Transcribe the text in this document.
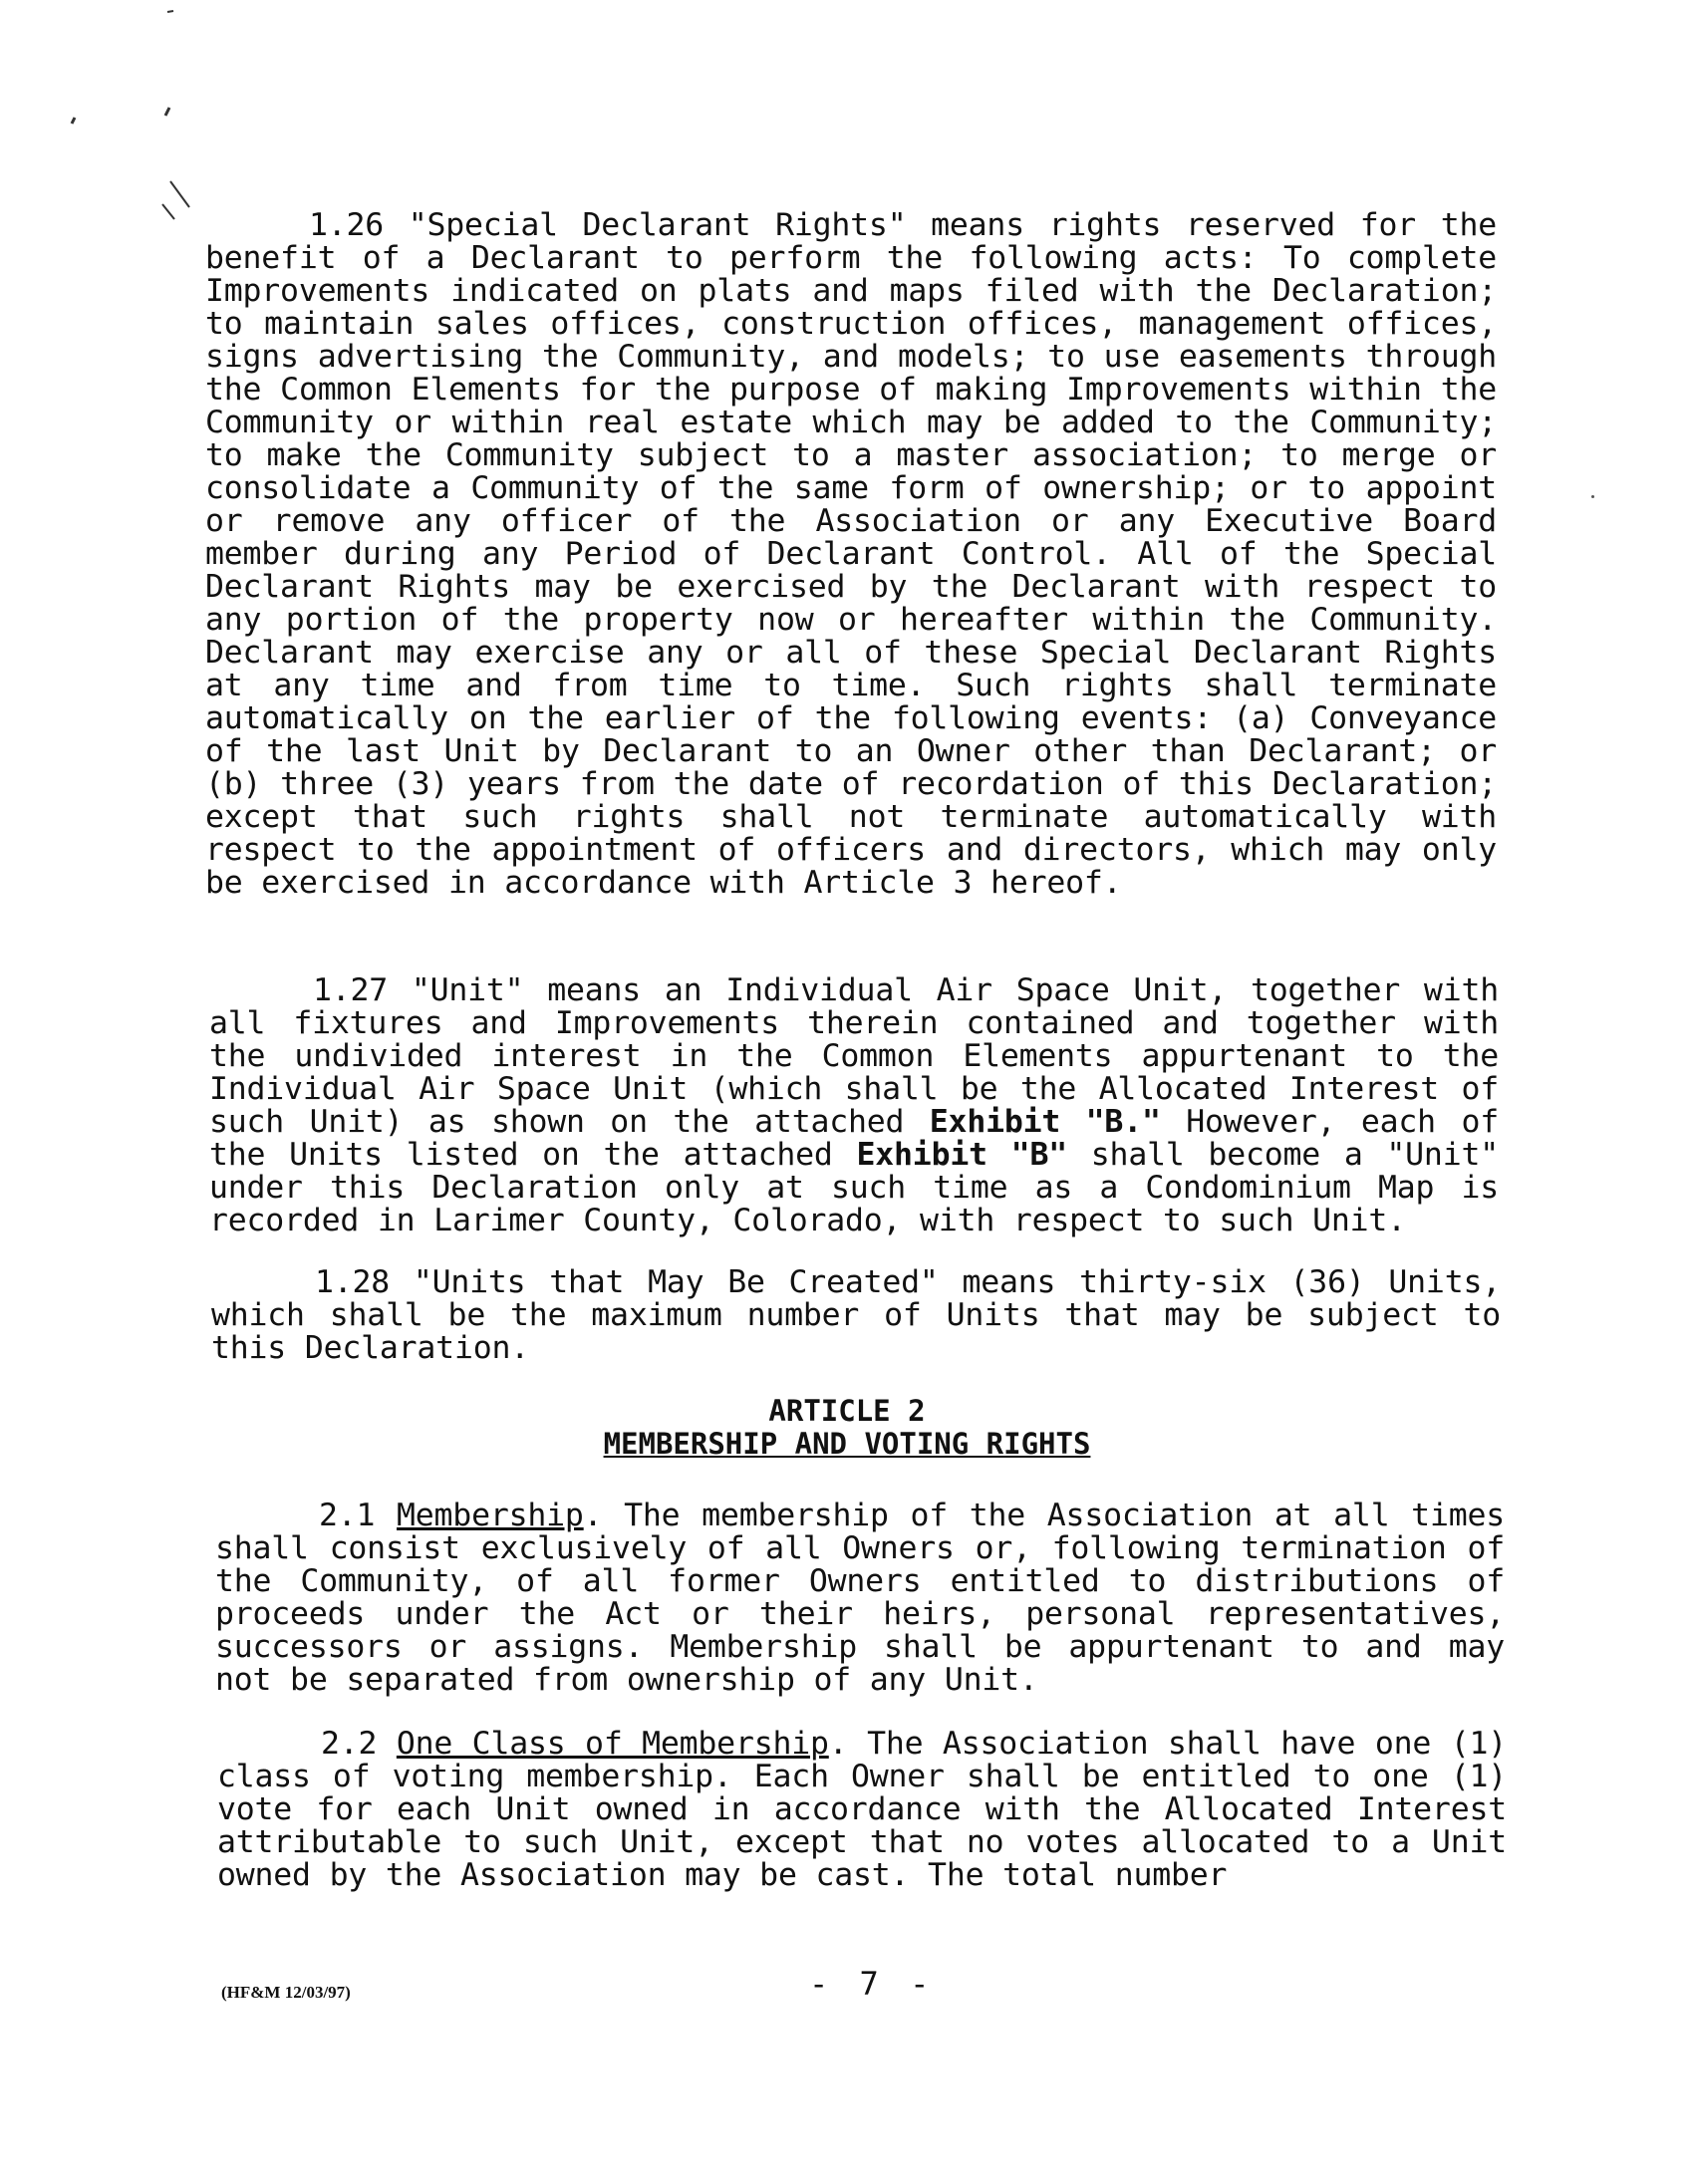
1.26 "Special Declarant Rights" means rights reserved for the benefit of a Declarant to perform the following acts: To complete Improvements indicated on plats and maps filed with the Declaration; to maintain sales offices, construction offices, management offices, signs advertising the Community, and models; to use easements through the Common Elements for the purpose of making Improvements within the Community or within real estate which may be added to the Community; to make the Community subject to a master association; to merge or consolidate a Community of the same form of ownership; or to appoint or remove any officer of the Association or any Executive Board member during any Period of Declarant Control. All of the Special Declarant Rights may be exercised by the Declarant with respect to any portion of the property now or hereafter within the Community. Declarant may exercise any or all of these Special Declarant Rights at any time and from time to time. Such rights shall terminate automatically on the earlier of the following events: (a) Conveyance of the last Unit by Declarant to an Owner other than Declarant; or (b) three (3) years from the date of recordation of this Declaration; except that such rights shall not terminate automatically with respect to the appointment of officers and directors, which may only be exercised in accordance with Article 3 hereof.

1.27 "Unit" means an Individual Air Space Unit, together with all fixtures and Improvements therein contained and together with the undivided interest in the Common Elements appurtenant to the Individual Air Space Unit (which shall be the Allocated Interest of such Unit) as shown on the attached Exhibit "B." However, each of the Units listed on the attached Exhibit "B" shall become a "Unit" under this Declaration only at such time as a Condominium Map is recorded in Larimer County, Colorado, with respect to such Unit.

1.28 "Units that May Be Created" means thirty-six (36) Units, which shall be the maximum number of Units that may be subject to this Declaration.

ARTICLE 2

MEMBERSHIP AND VOTING RIGHTS

2.1 Membership. The membership of the Association at all times shall consist exclusively of all Owners or, following termination of the Community, of all former Owners entitled to distributions of proceeds under the Act or their heirs, personal representatives, successors or assigns. Membership shall be appurtenant to and may not be separated from ownership of any Unit.

2.2 One Class of Membership. The Association shall have one (1) class of voting membership. Each Owner shall be entitled to one (1) vote for each Unit owned in accordance with the Allocated Interest attributable to such Unit, except that no votes allocated to a Unit owned by the Association may be cast. The total number

(HF&M 12/03/97)	- 7 -
